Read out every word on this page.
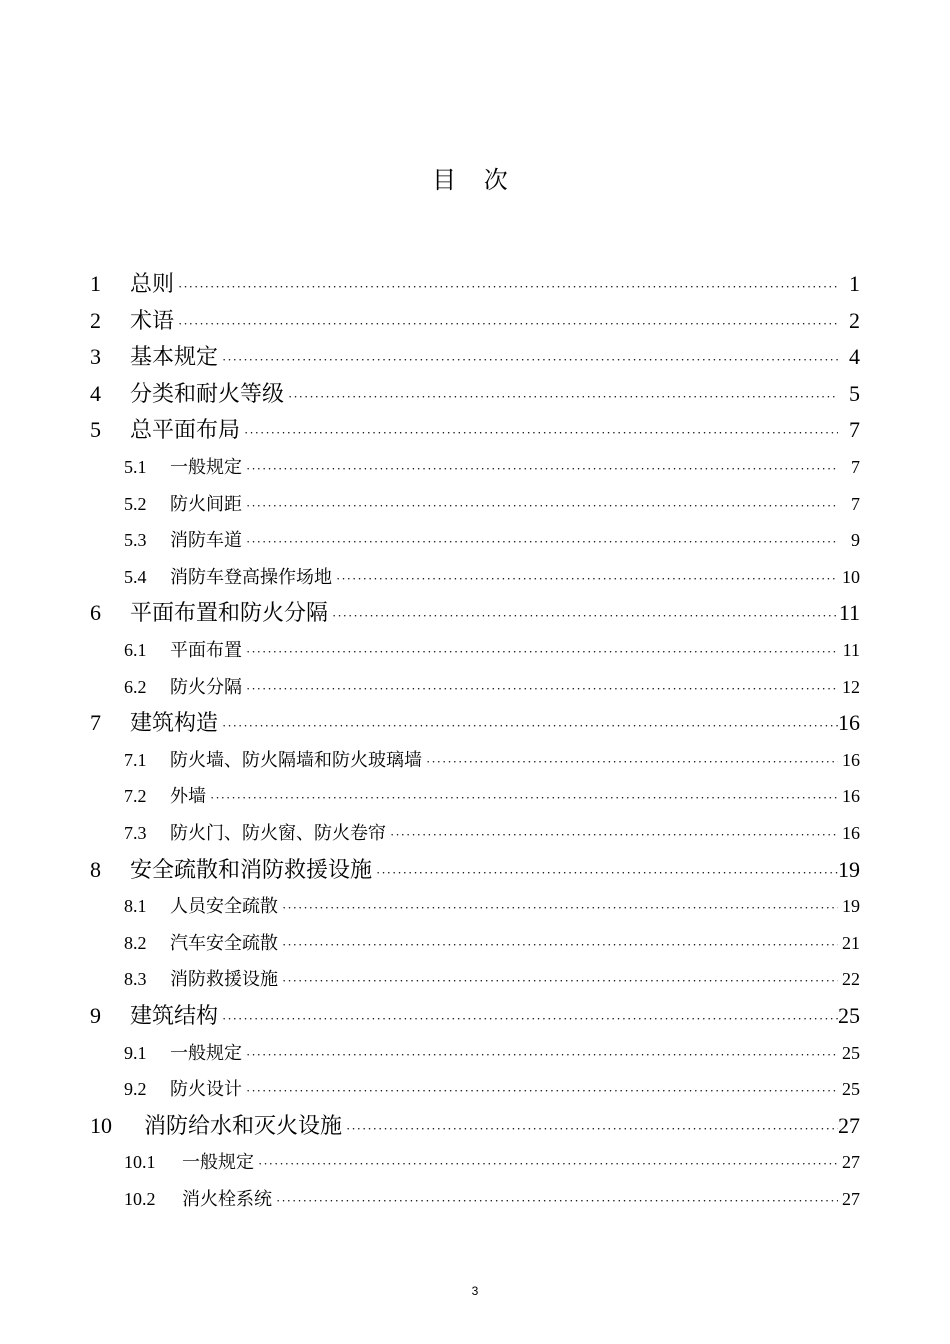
目 次
1	总则 ·····	1
2	术语 ·····	2
3	基本规定 ·····	4
4	分类和耐火等级 ·····	5
5	总平面布局 ·····	7
5.1	一般规定 ·····	7
5.2	防火间距 ·····	7
5.3	消防车道 ·····	9
5.4	消防车登高操作场地 ·····	10
6	平面布置和防火分隔 ·····	11
6.1	平面布置 ·····	11
6.2	防火分隔 ·····	12
7	建筑构造 ·····	16
7.1	防火墙、防火隔墙和防火玻璃墙 ·····	16
7.2	外墙 ·····	16
7.3	防火门、防火窗、防火卷帘 ·····	16
8	安全疏散和消防救援设施 ·····	19
8.1	人员安全疏散 ·····	19
8.2	汽车安全疏散 ·····	21
8.3	消防救援设施 ·····	22
9	建筑结构 ·····	25
9.1	一般规定 ·····	25
9.2	防火设计 ·····	25
10	消防给水和灭火设施 ·····	27
10.1	一般规定 ·····	27
10.2	消火栓系统 ·····	27
3
